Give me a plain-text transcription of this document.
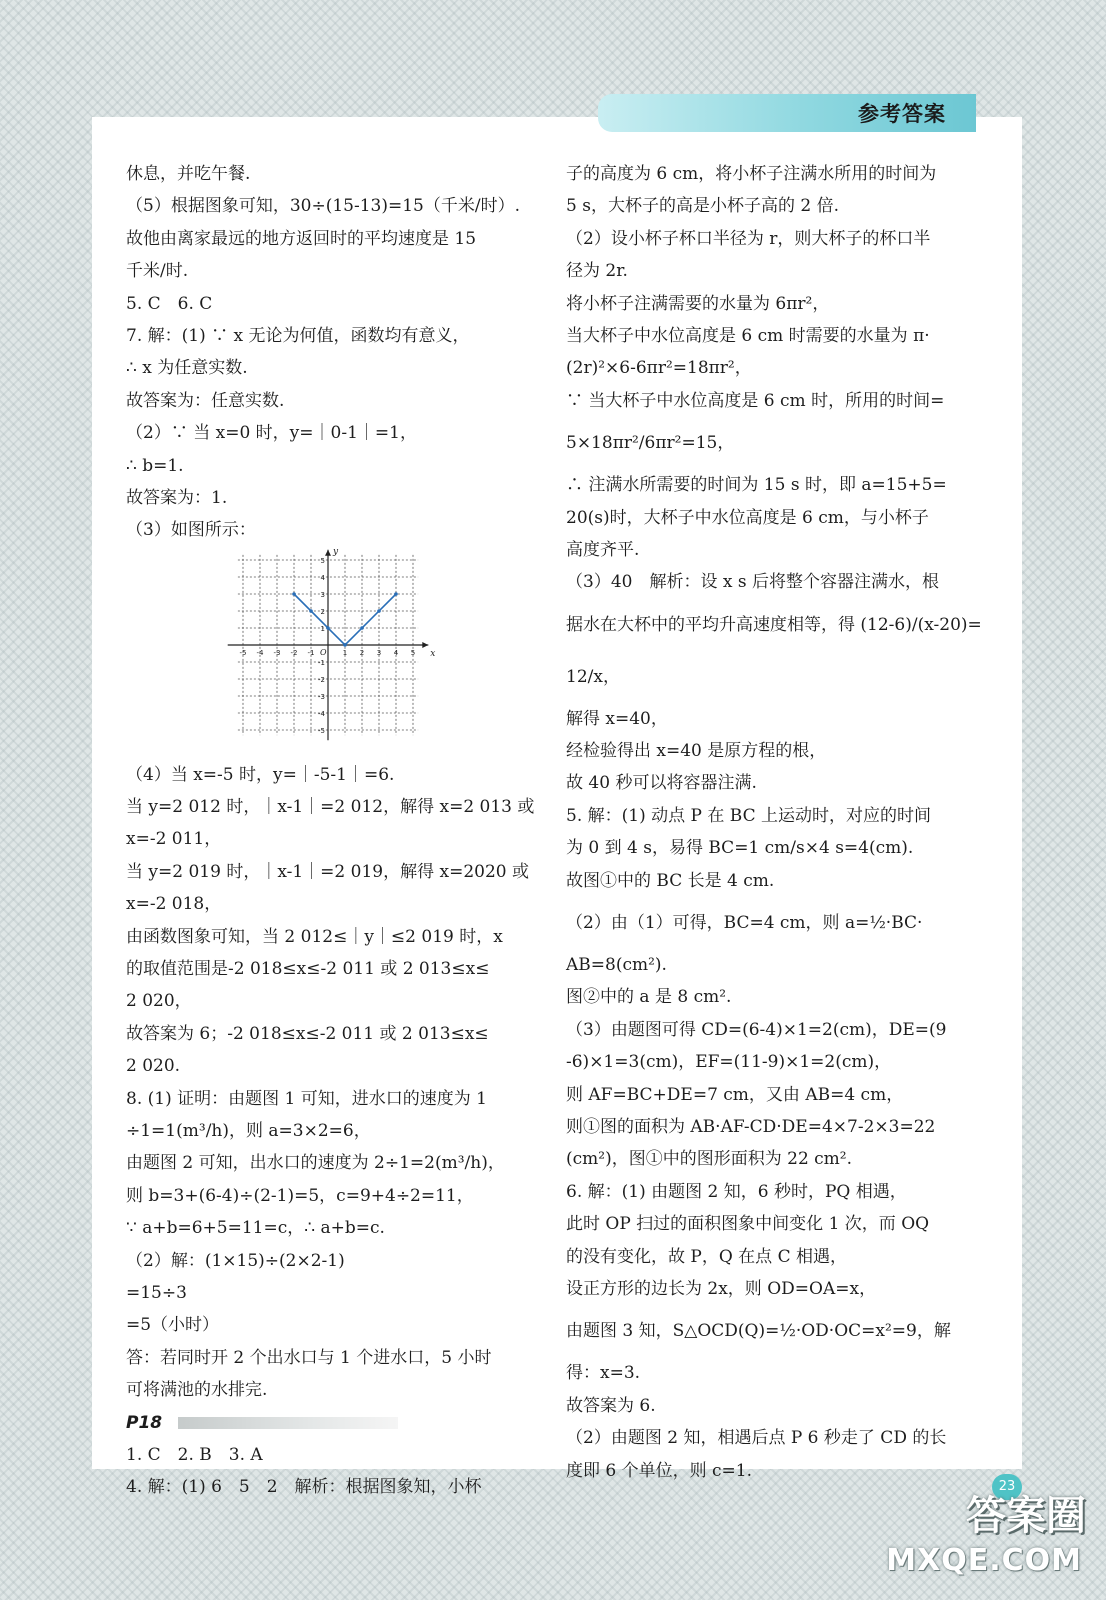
参考答案
休息，并吃午餐.
（5）根据图象可知，30÷(15-13)=15（千米/时）.
故他由离家最远的地方返回时的平均速度是 15
千米/时.
5. C　6. C
7. 解：(1) ∵ x 无论为何值，函数均有意义，
∴ x 为任意实数.
故答案为：任意实数.
（2）∵ 当 x=0 时，y=｜0-1｜=1，
∴ b=1.
故答案为：1.
（3）如图所示：
-5 -4 -3 -2 -1	1 2 3 4 5
5
4
3
2
1
-1
-2
-3
-4
-5
O	x
y
（4）当 x=-5 时，y=｜-5-1｜=6.
当 y=2 012 时，｜x-1｜=2 012，解得 x=2 013 或
x=-2 011，
当 y=2 019 时，｜x-1｜=2 019，解得 x=2020 或
x=-2 018，
由函数图象可知，当 2 012≤｜y｜≤2 019 时，x
的取值范围是-2 018≤x≤-2 011 或 2 013≤x≤
2 020，
故答案为 6；-2 018≤x≤-2 011 或 2 013≤x≤
2 020.
8. (1) 证明：由题图 1 可知，进水口的速度为 1
÷1=1(m³/h)，则 a=3×2=6，
由题图 2 可知，出水口的速度为 2÷1=2(m³/h)，
则 b=3+(6-4)÷(2-1)=5，c=9+4÷2=11，
∵ a+b=6+5=11=c，∴ a+b=c.
（2）解：(1×15)÷(2×2-1)
=15÷3
=5（小时）
答：若同时开 2 个出水口与 1 个进水口，5 小时
可将满池的水排完.
P18
1. C　2. B　3. A
4. 解：(1) 6　5　2　解析：根据图象知，小杯
子的高度为 6 cm，将小杯子注满水所用的时间为
5 s，大杯子的高是小杯子高的 2 倍.
（2）设小杯子杯口半径为 r，则大杯子的杯口半
径为 2r.
将小杯子注满需要的水量为 6πr²，
当大杯子中水位高度是 6 cm 时需要的水量为 π·
(2r)²×6-6πr²=18πr²，
∵ 当大杯子中水位高度是 6 cm 时，所用的时间=
5×18πr²/6πr²=15，
∴ 注满水所需要的时间为 15 s 时，即 a=15+5=
20(s)时，大杯子中水位高度是 6 cm，与小杯子
高度齐平.
（3）40　解析：设 x s 后将整个容器注满水，根
据水在大杯中的平均升高速度相等，得 (12-6)/(x-20)=
12/x，
解得 x=40，
经检验得出 x=40 是原方程的根，
故 40 秒可以将容器注满.
5. 解：(1) 动点 P 在 BC 上运动时，对应的时间
为 0 到 4 s，易得 BC=1 cm/s×4 s=4(cm).
故图①中的 BC 长是 4 cm.
（2）由（1）可得，BC=4 cm，则 a=½·BC·
AB=8(cm²).
图②中的 a 是 8 cm².
（3）由题图可得 CD=(6-4)×1=2(cm)，DE=(9
-6)×1=3(cm)，EF=(11-9)×1=2(cm)，
则 AF=BC+DE=7 cm，又由 AB=4 cm，
则①图的面积为 AB·AF-CD·DE=4×7-2×3=22
(cm²)，图①中的图形面积为 22 cm².
6. 解：(1) 由题图 2 知，6 秒时，PQ 相遇，
此时 OP 扫过的面积图象中间变化 1 次，而 OQ
的没有变化，故 P，Q 在点 C 相遇，
设正方形的边长为 2x，则 OD=OA=x，
由题图 3 知，S△OCD(Q)=½·OD·OC=x²=9，解
得：x=3.
故答案为 6.
（2）由题图 2 知，相遇后点 P 6 秒走了 CD 的长
度即 6 个单位，则 c=1.
23
答案圈
MXQE.COM
